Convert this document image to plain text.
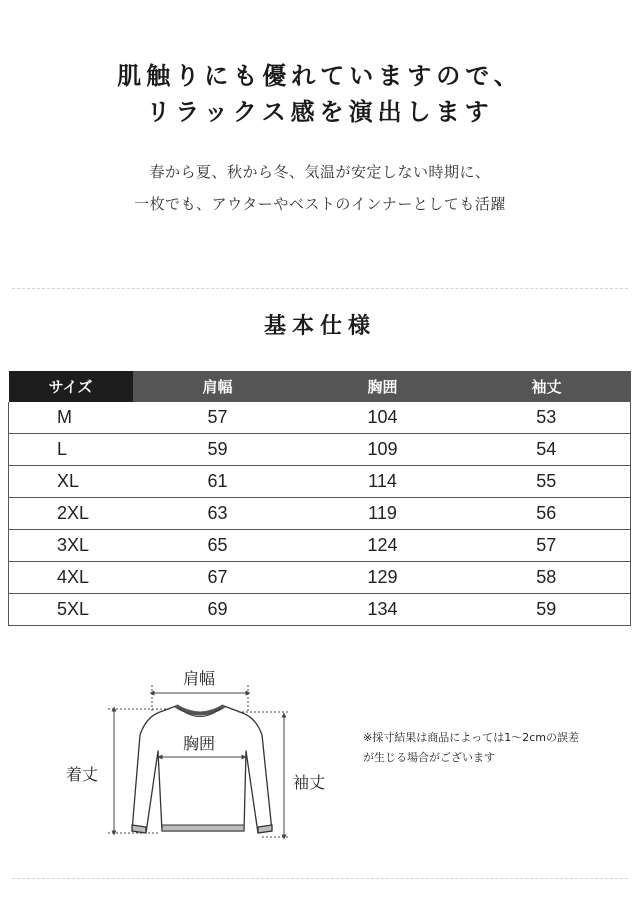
肌触りにも優れていますので、
リラックス感を演出します
春から夏、秋から冬、気温が安定しない時期に、
一枚でも、アウターやベストのインナーとしても活躍
基本仕様
サイズ	肩幅	胸囲	袖丈
M	57	104	53
L	59	109	54
XL	61	114	55
2XL	63	119	56
3XL	65	124	57
4XL	67	129	58
5XL	69	134	59
肩幅
胸囲
着丈	袖丈
※採寸結果は商品によっては1～2cmの誤差
が生じる場合がございます
